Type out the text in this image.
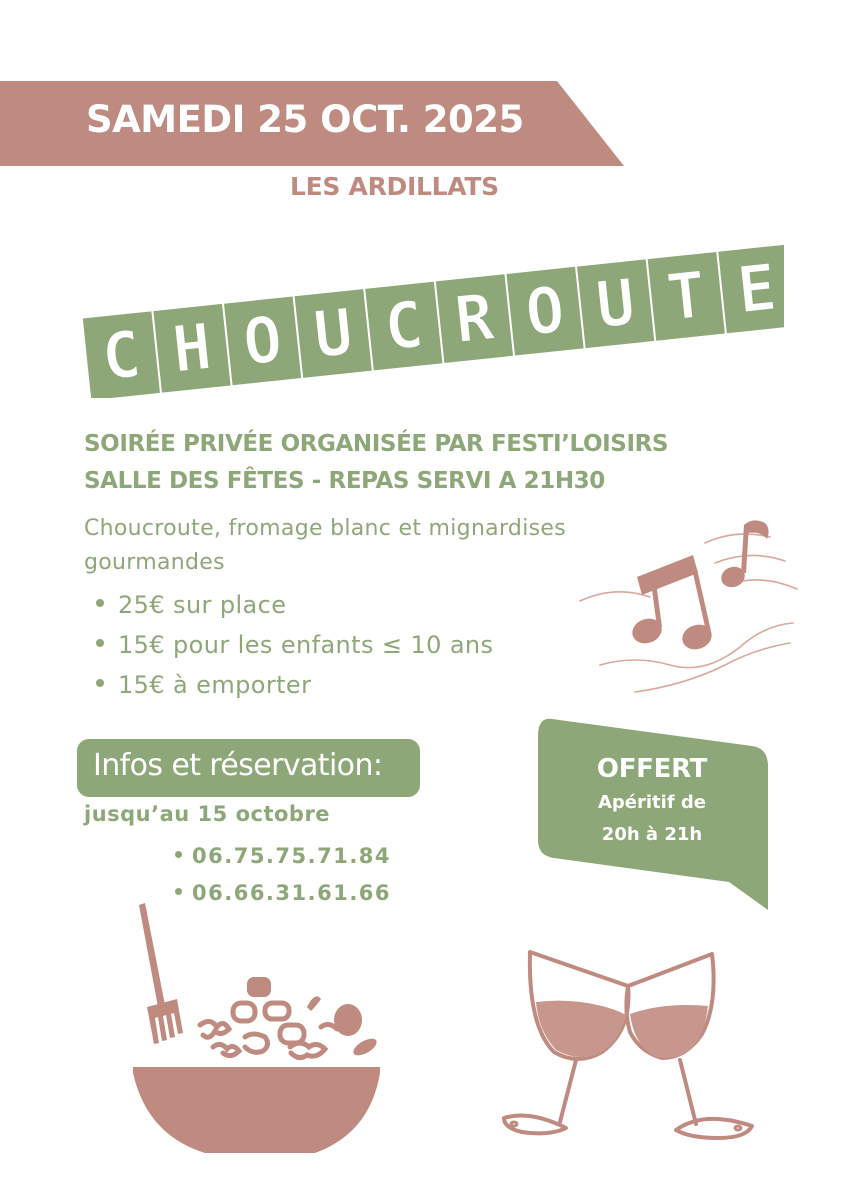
SAMEDI 25 OCT. 2025
LES ARDILLATS
C H O U C R O U T E
SOIRÉE PRIVÉE ORGANISÉE PAR FESTI’LOISIRS
SALLE DES FÊTES - REPAS SERVI A 21H30
Choucroute, fromage blanc et mignardises gourmandes
25€ sur place
15€ pour les enfants ≤ 10 ans
15€ à emporter
Infos et réservation:
jusqu’au 15 octobre
06.75.75.71.84
06.66.31.61.66
OFFERT
Apéritif de
20h à 21h
